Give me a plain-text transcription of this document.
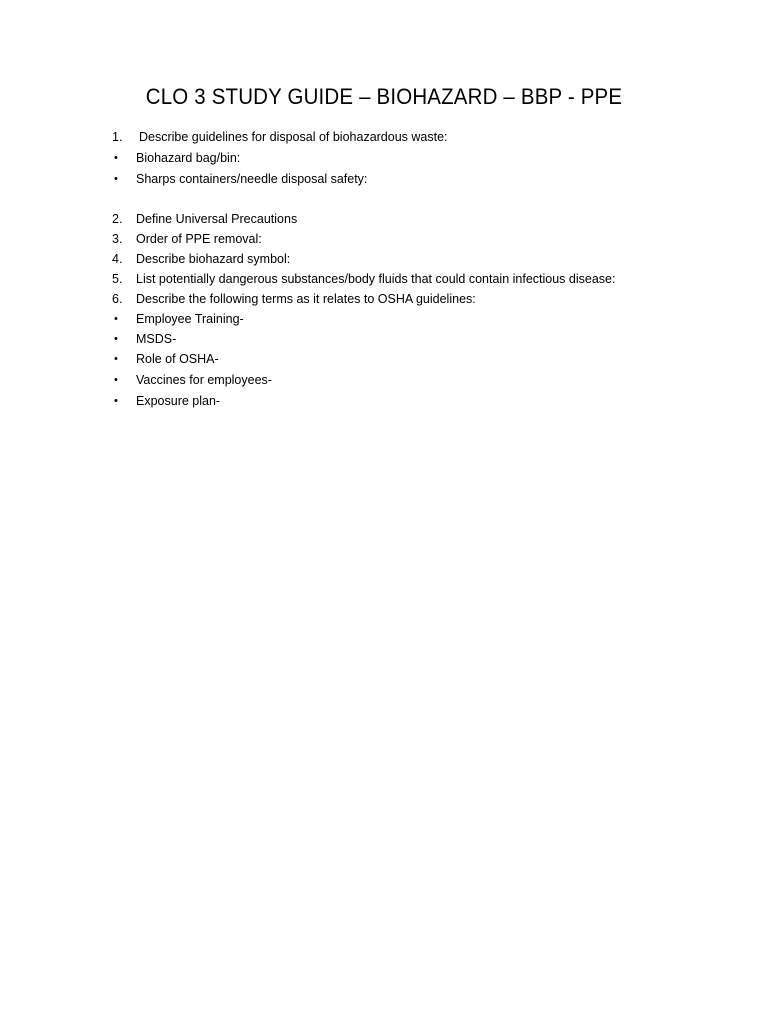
CLO 3 STUDY GUIDE – BIOHAZARD – BBP - PPE
1.	Describe guidelines for disposal of biohazardous waste:
•	Biohazard bag/bin:
•	Sharps containers/needle disposal safety:
2.	Define Universal Precautions
3.	Order of PPE removal:
4.	Describe biohazard symbol:
5.	List potentially dangerous substances/body fluids that could contain infectious disease:
6.	Describe the following terms as it relates to OSHA guidelines:
•	Employee Training-
•	MSDS-
•	Role of OSHA-
•	Vaccines for employees-
•	Exposure plan-
